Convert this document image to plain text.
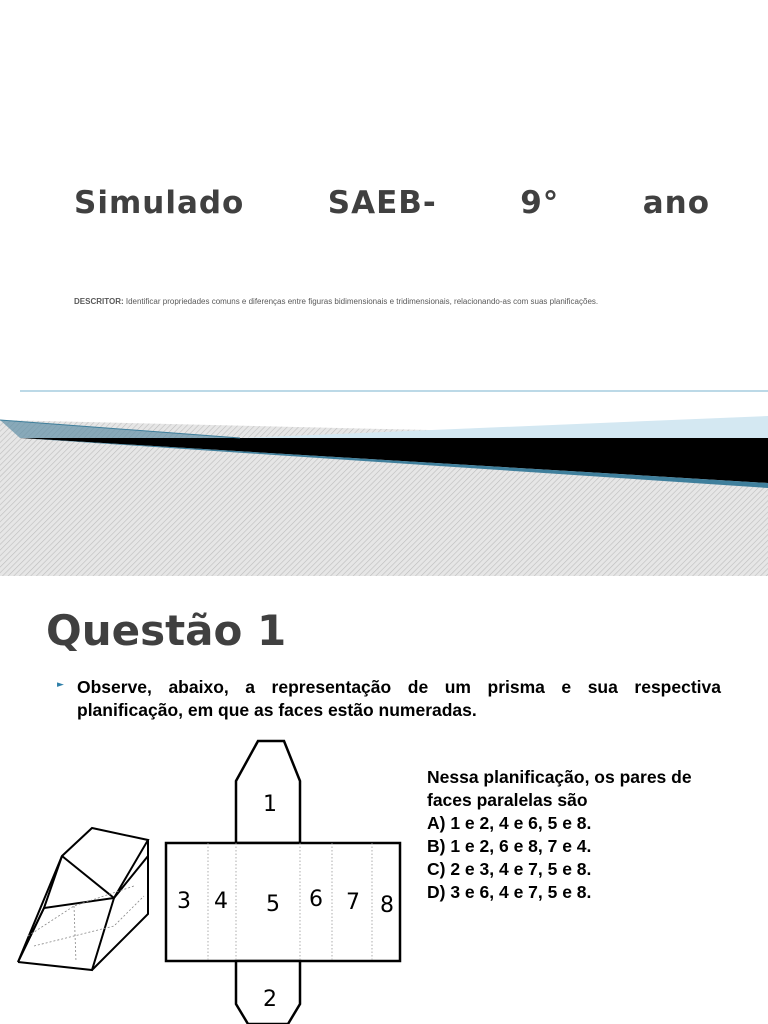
Simulado	SAEB-	9°	ano
DESCRITOR: Identificar propriedades comuns e diferenças entre figuras bidimensionais e tridimensionais, relacionando-as com suas planificações.
Questão 1
► Observe, abaixo, a representação de um prisma e sua respectiva planificação, em que as faces estão numeradas.
1
2
3 4 5 6 7 8
Nessa planificação, os pares de
faces paralelas são
A) 1 e 2, 4 e 6, 5 e 8.
B) 1 e 2, 6 e 8, 7 e 4.
C) 2 e 3, 4 e 7, 5 e 8.
D) 3 e 6, 4 e 7, 5 e 8.
